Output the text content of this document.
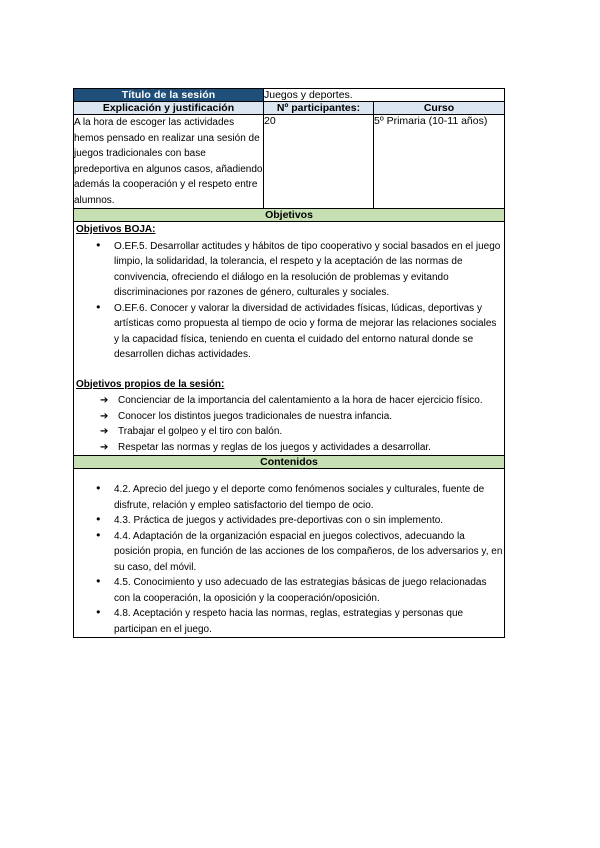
Título de la sesión	Juegos y deportes.	
Explicación y justificación	Nº participantes:	Curso
A la hora de escoger las actividades hemos pensado en realizar una sesión de juegos tradicionales con base predeportiva en algunos casos, añadiendo además la cooperación y el respeto entre alumnos.	20	5º Primaria (10-11 años)
Objetivos		

Objetivos BOJA:
● O.EF.5. Desarrollar actitudes y hábitos de tipo cooperativo y social basados en el juego limpio, la solidaridad, la tolerancia, el respeto y la aceptación de las normas de convivencia, ofreciendo el diálogo en la resolución de problemas y evitando discriminaciones por razones de género, culturales y sociales.
● O.EF.6. Conocer y valorar la diversidad de actividades físicas, lúdicas, deportivas y artísticas como propuesta al tiempo de ocio y forma de mejorar las relaciones sociales y la capacidad física, teniendo en cuenta el cuidado del entorno natural donde se desarrollen dichas actividades.
Objetivos propios de la sesión:
➔ Concienciar de la importancia del calentamiento a la hora de hacer ejercicio físico.
➔ Conocer los distintos juegos tradicionales de nuestra infancia.
➔ Trabajar el golpeo y el tiro con balón.
➔ Respetar las normas y reglas de los juegos y actividades a desarrollar.

Contenidos		

● 4.2. Aprecio del juego y el deporte como fenómenos sociales y culturales, fuente de disfrute, relación y empleo satisfactorio del tiempo de ocio.
● 4.3. Práctica de juegos y actividades pre-deportivas con o sin implemento.
● 4.4. Adaptación de la organización espacial en juegos colectivos, adecuando la posición propia, en función de las acciones de los compañeros, de los adversarios y, en su caso, del móvil.
● 4.5. Conocimiento y uso adecuado de las estrategias básicas de juego relacionadas con la cooperación, la oposición y la cooperación/oposición.
● 4.8. Aceptación y respeto hacia las normas, reglas, estrategias y personas que participan en el juego.
